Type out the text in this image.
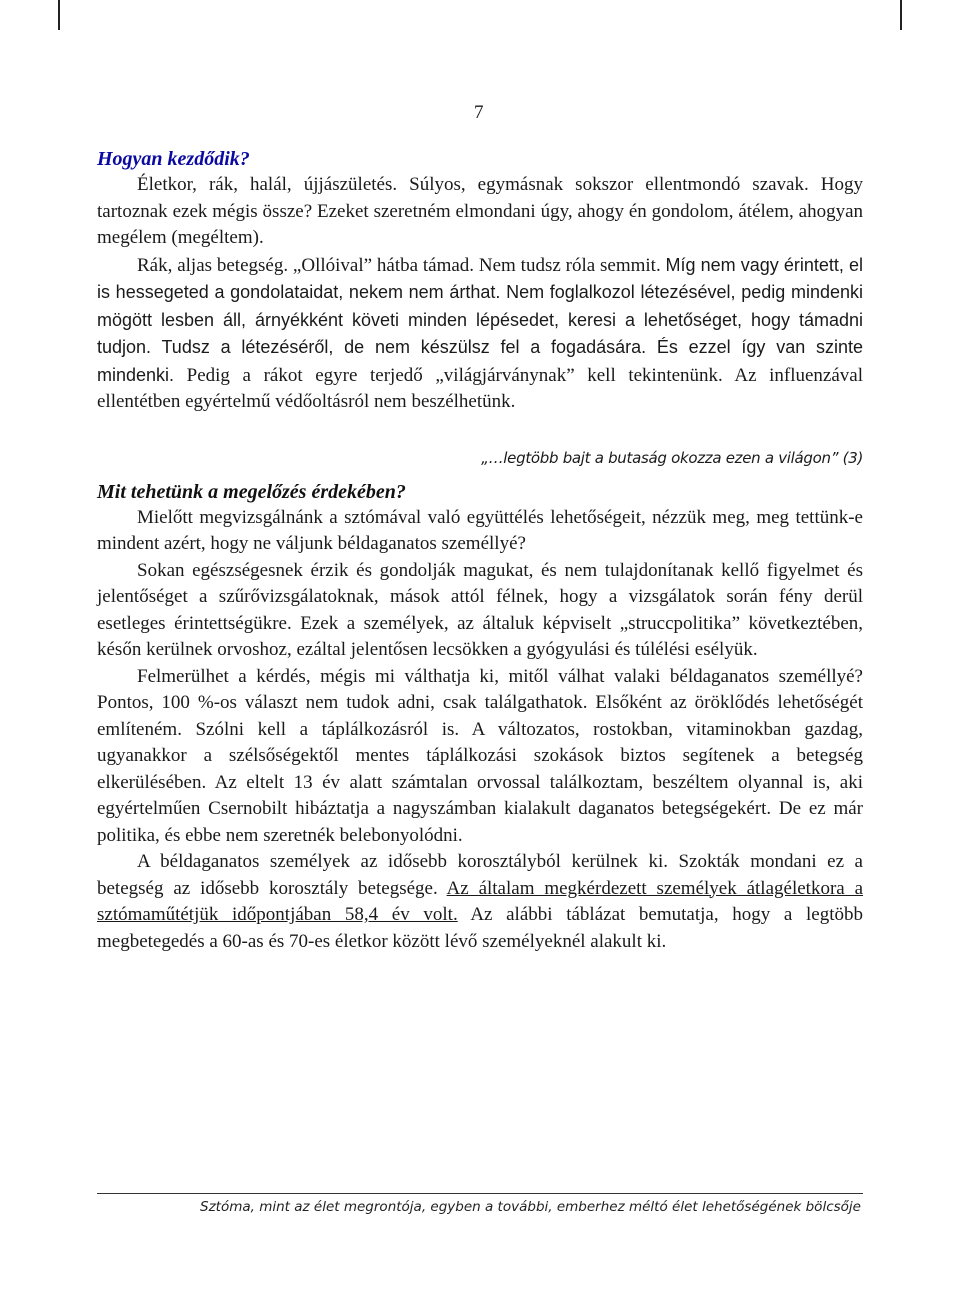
7
Hogyan kezdődik?

Életkor, rák, halál, újjászületés. Súlyos, egymásnak sokszor ellentmondó szavak. Hogy tartoznak ezek mégis össze? Ezeket szeretném elmondani úgy, ahogy én gondolom, átélem, ahogyan megélem (megéltem).

Rák, aljas betegség. „Ollóival” hátba támad. Nem tudsz róla semmit. Míg nem vagy érintett, el is hessegeted a gondolataidat, nekem nem árthat. Nem foglalkozol létezésével, pedig mindenki mögött lesben áll, árnyékként követi minden lépésedet, keresi a lehetőséget, hogy támadni tudjon. Tudsz a létezéséről, de nem készülsz fel a fogadására. És ezzel így van szinte mindenki. Pedig a rákot egyre terjedő „világjárványnak” kell tekintenünk. Az influenzával ellentétben egyértelmű védőoltásról nem beszélhetünk.

„…legtöbb bajt a butaság okozza ezen a világon” (3)
Mit tehetünk a megelőzés érdekében?

Mielőtt megvizsgálnánk a sztómával való együttélés lehetőségeit, nézzük meg, meg tettünk-e mindent azért, hogy ne váljunk béldaganatos személlyé?

Sokan egészségesnek érzik és gondolják magukat, és nem tulajdonítanak kellő figyelmet és jelentőséget a szűrővizsgálatoknak, mások attól félnek, hogy a vizsgálatok során fény derül esetleges érintettségükre. Ezek a személyek, az általuk képviselt „struccpolitika” következtében, későn kerülnek orvoshoz, ezáltal jelentősen lecsökken a gyógyulási és túlélési esélyük.

Felmerülhet a kérdés, mégis mi válthatja ki, mitől válhat valaki béldaganatos személlyé? Pontos, 100 %-os választ nem tudok adni, csak találgathatok. Elsőként az öröklődés lehetőségét említeném. Szólni kell a táplálkozásról is. A változatos, rostokban, vitaminokban gazdag, ugyanakkor a szélsőségektől mentes táplálkozási szokások biztos segítenek a betegség elkerülésében. Az eltelt 13 év alatt számtalan orvossal találkoztam, beszéltem olyannal is, aki egyértelműen Csernobilt hibáztatja a nagyszámban kialakult daganatos betegségekért. De ez már politika, és ebbe nem szeretnék belebonyolódni.

A béldaganatos személyek az idősebb korosztályból kerülnek ki. Szokták mondani ez a betegség az idősebb korosztály betegsége. Az általam megkérdezett személyek átlagéletkora a sztómaműtétjük időpontjában 58,4 év volt. Az alábbi táblázat bemutatja, hogy a legtöbb megbetegedés a 60-as és 70-es életkor között lévő személyeknél alakult ki.

Sztóma, mint az élet megrontója, egyben a további, emberhez méltó élet lehetőségének bölcsője
